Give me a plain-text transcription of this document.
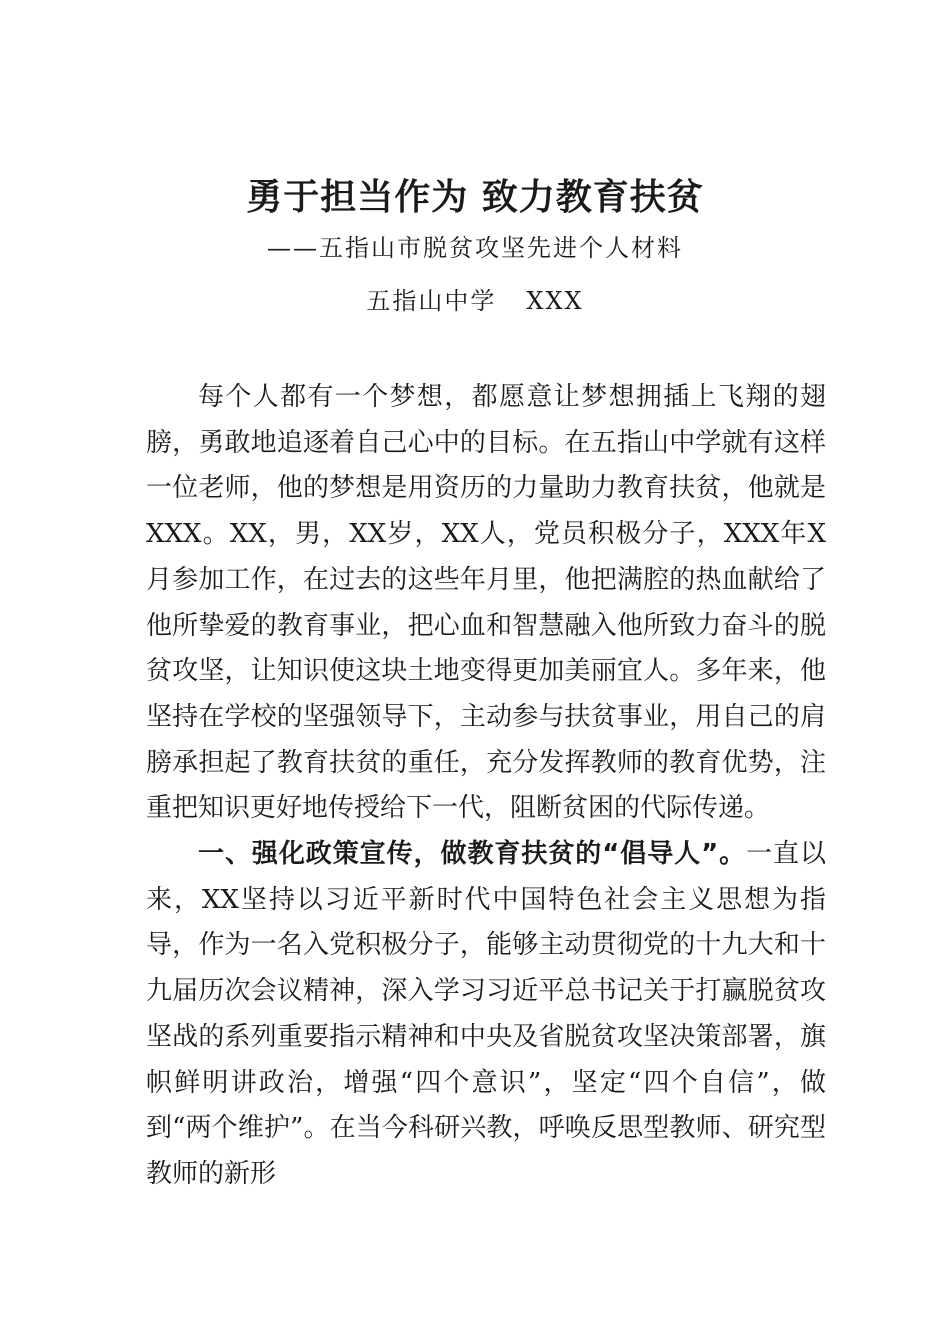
勇于担当作为 致力教育扶贫
——五指山市脱贫攻坚先进个人材料
五指山中学 XXX

每个人都有一个梦想，都愿意让梦想拥插上飞翔的翅膀，勇敢地追逐着自己心中的目标。在五指山中学就有这样一位老师，他的梦想是用资历的力量助力教育扶贫，他就是XXX。XX，男，XX岁，XX人，党员积极分子，XXX年X月参加工作，在过去的这些年月里，他把满腔的热血献给了他所挚爱的教育事业，把心血和智慧融入他所致力奋斗的脱贫攻坚，让知识使这块土地变得更加美丽宜人。多年来，他坚持在学校的坚强领导下，主动参与扶贫事业，用自己的肩膀承担起了教育扶贫的重任，充分发挥教师的教育优势，注重把知识更好地传授给下一代，阻断贫困的代际传递。

一、强化政策宣传，做教育扶贫的“倡导人”。一直以来，XX坚持以习近平新时代中国特色社会主义思想为指导，作为一名入党积极分子，能够主动贯彻党的十九大和十九届历次会议精神，深入学习习近平总书记关于打赢脱贫攻坚战的系列重要指示精神和中央及省脱贫攻坚决策部署，旗帜鲜明讲政治，增强“四个意识”，坚定“四个自信”，做到“两个维护”。在当今科研兴教，呼唤反思型教师、研究型教师的新形
